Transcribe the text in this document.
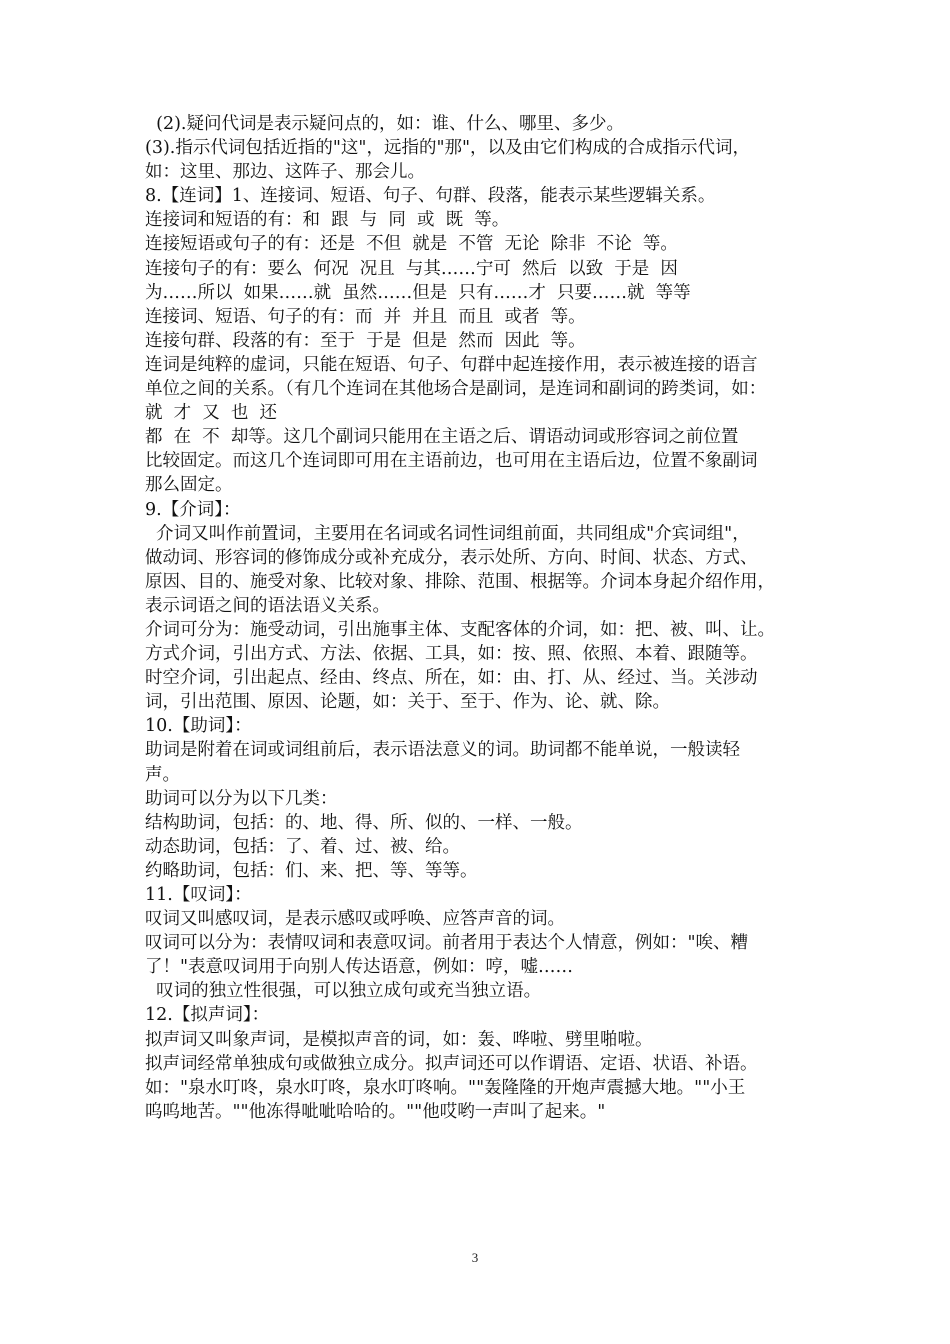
(2).疑问代词是表示疑问点的，如：谁、什么、哪里、多少。
(3).指示代词包括近指的"这"，远指的"那"，以及由它们构成的合成指示代词，
如：这里、那边、这阵子、那会儿。
8.【连词】1、连接词、短语、句子、句群、段落，能表示某些逻辑关系。
连接词和短语的有：和  跟  与  同  或  既  等。
连接短语或句子的有：还是  不但  就是  不管  无论  除非  不论  等。
连接句子的有：要么  何况  况且  与其……宁可  然后  以致  于是  因
为……所以  如果……就  虽然……但是  只有……才  只要……就  等等
连接词、短语、句子的有：而  并  并且  而且  或者  等。
连接句群、段落的有：至于  于是  但是  然而  因此  等。
连词是纯粹的虚词，只能在短语、句子、句群中起连接作用，表示被连接的语言
单位之间的关系。（有几个连词在其他场合是副词，是连词和副词的跨类词，如：
就  才  又  也  还
都  在  不  却等。这几个副词只能用在主语之后、谓语动词或形容词之前位置
比较固定。而这几个连词即可用在主语前边，也可用在主语后边，位置不象副词
那么固定。
9.【介词】：
介词又叫作前置词，主要用在名词或名词性词组前面，共同组成"介宾词组"，
做动词、形容词的修饰成分或补充成分，表示处所、方向、时间、状态、方式、
原因、目的、施受对象、比较对象、排除、范围、根据等。介词本身起介绍作用，
表示词语之间的语法语义关系。
介词可分为：施受动词，引出施事主体、支配客体的介词，如：把、被、叫、让。
方式介词，引出方式、方法、依据、工具，如：按、照、依照、本着、跟随等。
时空介词，引出起点、经由、终点、所在，如：由、打、从、经过、当。关涉动
词，引出范围、原因、论题，如：关于、至于、作为、论、就、除。
10.【助词】：
助词是附着在词或词组前后，表示语法意义的词。助词都不能单说，一般读轻
声。
助词可以分为以下几类：
结构助词，包括：的、地、得、所、似的、一样、一般。
动态助词，包括：了、着、过、被、给。
约略助词，包括：们、来、把、等、等等。
11.【叹词】：
叹词又叫感叹词，是表示感叹或呼唤、应答声音的词。
叹词可以分为：表情叹词和表意叹词。前者用于表达个人情意，例如："唉、糟
了！"表意叹词用于向别人传达语意，例如：哼，嘘……
叹词的独立性很强，可以独立成句或充当独立语。
12.【拟声词】：
拟声词又叫象声词，是模拟声音的词，如：轰、哗啦、劈里啪啦。
拟声词经常单独成句或做独立成分。拟声词还可以作谓语、定语、状语、补语。
如："泉水叮咚，泉水叮咚，泉水叮咚响。""轰隆隆的开炮声震撼大地。""小王
呜呜地苦。""他冻得呲呲哈哈的。""他哎哟一声叫了起来。"
3
